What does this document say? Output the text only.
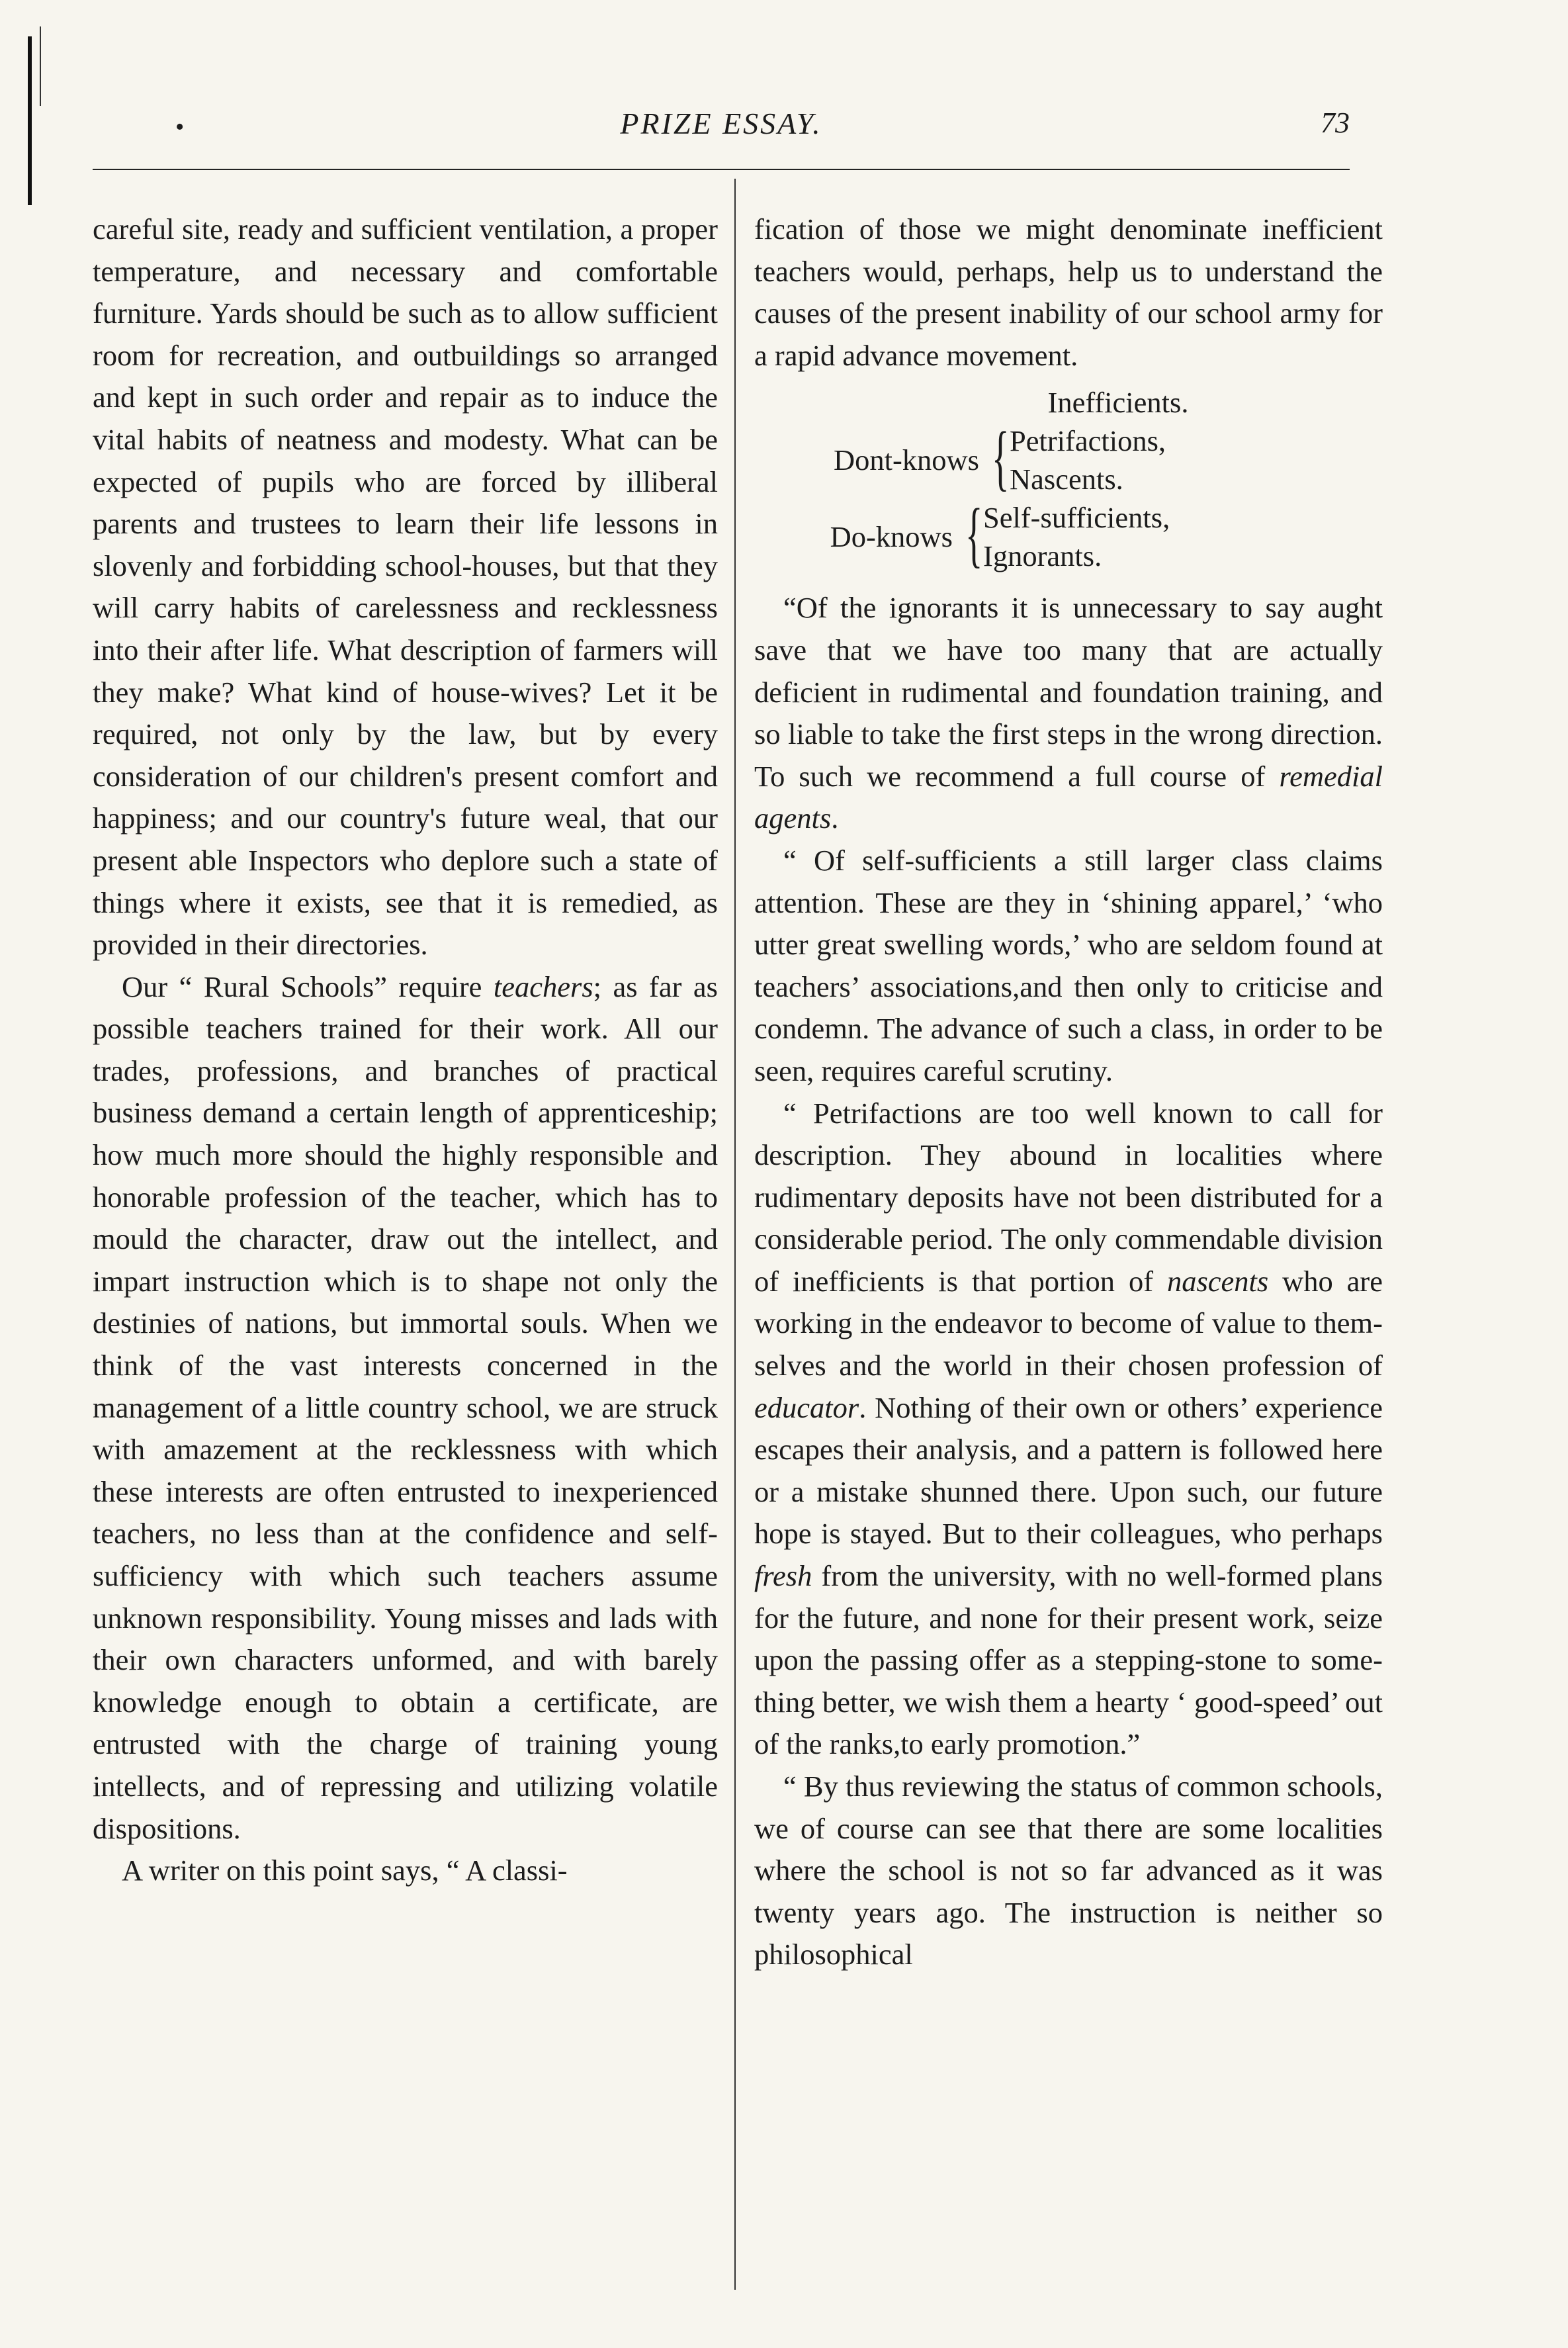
•	PRIZE ESSAY.	73

careful site, ready and sufficient ventilation, a proper temperature, and necessary and comfortable furniture. Yards should be such as to allow sufficient room for recreation, and outbuildings so arranged and kept in such order and repair as to induce the vital habits of neatness and modesty. What can be expected of pupils who are forced by illiberal parents and trustees to learn their life lessons in slovenly and forbidding school-houses, but that they will carry habits of carelessness and recklessness into their after life. What description of farmers will they make? What kind of house-wives? Let it be required, not only by the law, but by every consideration of our children's present comfort and happiness; and our country's future weal, that our present able Inspectors who deplore such a state of things where it exists, see that it is remedied, as provided in their directories.

Our “ Rural Schools” require teachers; as far as possible teachers trained for their work. All our trades, professions, and branches of practical business demand a certain length of apprenticeship; how much more should the highly responsible and honorable profession of the teacher, which has to mould the character, draw out the intellect, and impart instruction which is to shape not only the destinies of nations, but immortal souls. When we think of the vast interests concerned in the management of a little country school, we are struck with amazement at the recklessness with which these interests are often entrusted to inexperienced teachers, no less than at the confidence and self-sufficiency with which such teachers assume unknown responsibility. Young misses and lads with their own characters unformed, and with barely knowledge enough to obtain a certificate, are entrusted with the charge of training young intellects, and of repressing and utilizing volatile dispositions.

A writer on this point says, “ A classi-

fication of those we might denominate inefficient teachers would, perhaps, help us to understand the causes of the present inability of our school army for a rapid advance movement.

Inefficients.
Dont-knows { Petrifactions,
Nascents.
Do-knows { Self-sufficients,
Ignorants.

“Of the ignorants it is unnecessary to say aught save that we have too many that are actually deficient in rudimental and foundation training, and so liable to take the first steps in the wrong direction. To such we recommend a full course of remedial agents.

“ Of self-sufficients a still larger class claims attention. These are they in ‘shining apparel,’ ‘who utter great swelling words,’ who are seldom found at teachers’ associations,and then only to criticise and condemn. The advance of such a class, in order to be seen, requires careful scrutiny.

“ Petrifactions are too well known to call for description. They abound in localities where rudimentary deposits have not been distributed for a considerable period. The only commendable division of inefficients is that portion of nascents who are working in the endeavor to become of value to themselves and the world in their chosen profession of educator. Nothing of their own or others’ experience escapes their analysis, and a pattern is followed here or a mistake shunned there. Upon such, our future hope is stayed. But to their colleagues, who perhaps fresh from the university, with no well-formed plans for the future, and none for their present work, seize upon the passing offer as a stepping-stone to something better, we wish them a hearty ‘ good-speed’ out of the ranks,to early promotion.”

“ By thus reviewing the status of common schools, we of course can see that there are some localities where the school is not so far advanced as it was twenty years ago. The instruction is neither so philosophical
